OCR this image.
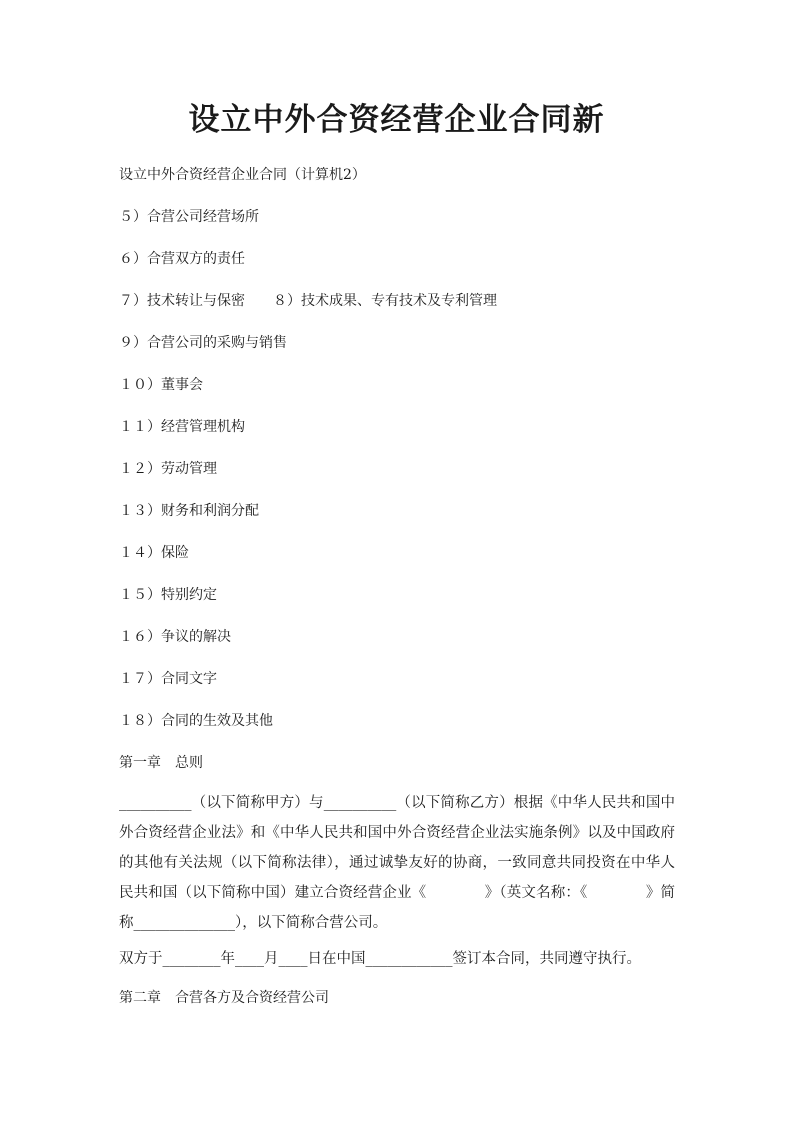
设立中外合资经营企业合同新

设立中外合资经营企业合同（计算机2）

５）合营公司经营场所

６）合营双方的责任

７）技术转让与保密　　８）技术成果、专有技术及专利管理

９）合营公司的采购与销售

１０）董事会

１１）经营管理机构

１２）劳动管理

１３）财务和利润分配

１４）保险

１５）特别约定

１６）争议的解决

１７）合同文字

１８）合同的生效及其他

第一章　总则

__________（以下简称甲方）与__________（以下简称乙方）根据《中华人民共和国中外合资经营企业法》和《中华人民共和国中外合资经营企业法实施条例》以及中国政府的其他有关法规（以下简称法律），通过诚挚友好的协商，一致同意共同投资在中华人民共和国（以下简称中国）建立合资经营企业《　　　　》（英文名称：《　　　　》简称______________），以下简称合营公司。

双方于________年____月____日在中国____________签订本合同，共同遵守执行。

第二章　合营各方及合资经营公司
